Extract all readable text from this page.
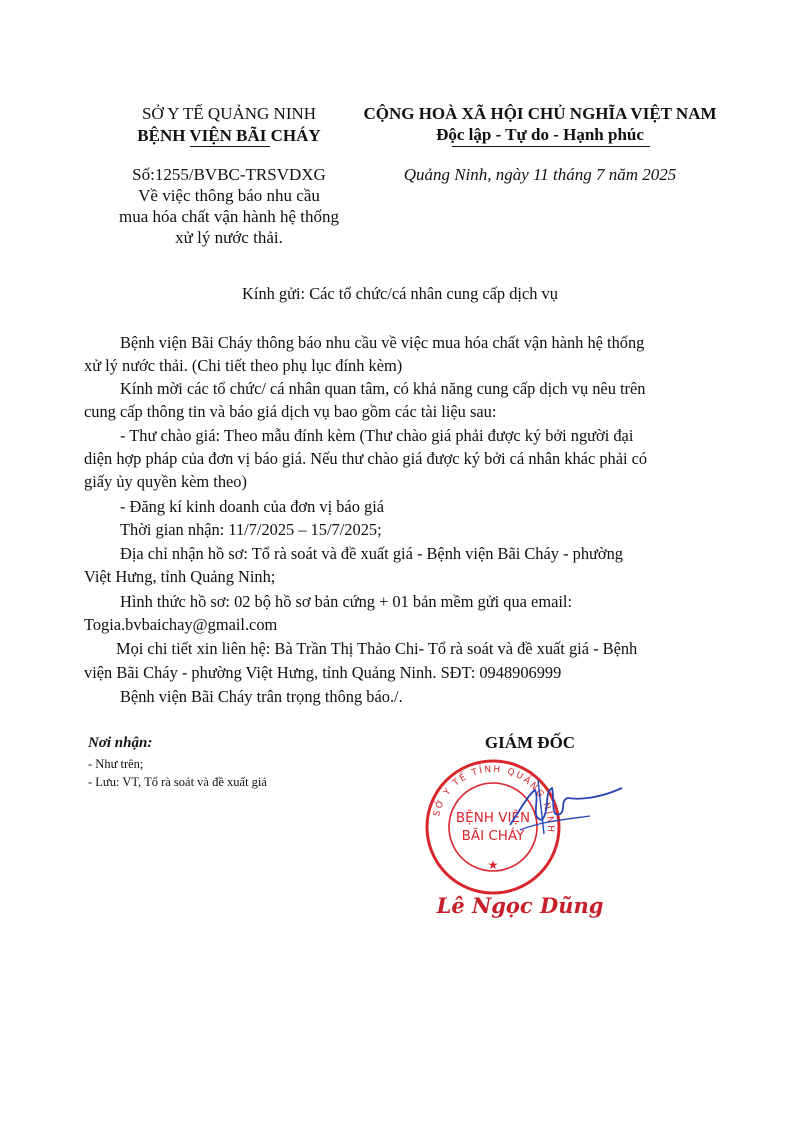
SỞ Y TẾ QUẢNG NINH
BỆNH VIỆN BÃI CHÁY
Số:1255/BVBC-TRSVDXG
Về việc thông báo nhu cầu
mua hóa chất vận hành hệ thống
xử lý nước thải.
CỘNG HOÀ XÃ HỘI CHỦ NGHĨA VIỆT NAM
Độc lập - Tự do - Hạnh phúc
Quảng Ninh, ngày 11 tháng 7 năm 2025
Kính gửi: Các tổ chức/cá nhân cung cấp dịch vụ
Bệnh viện Bãi Cháy thông báo nhu cầu về việc mua hóa chất vận hành hệ thống
xử lý nước thải. (Chi tiết theo phụ lục đính kèm)
Kính mời các tổ chức/ cá nhân quan tâm, có khả năng cung cấp dịch vụ nêu trên
cung cấp thông tin và báo giá dịch vụ bao gồm các tài liệu sau:
- Thư chào giá: Theo mẫu đính kèm (Thư chào giá phải được ký bởi người đại
diện hợp pháp của đơn vị báo giá. Nếu thư chào giá được ký bởi cá nhân khác phải có
giấy ủy quyền kèm theo)
- Đăng kí kinh doanh của đơn vị báo giá
Thời gian nhận: 11/7/2025 – 15/7/2025;
Địa chỉ nhận hồ sơ: Tổ rà soát và đề xuất giá - Bệnh viện Bãi Cháy - phường
Việt Hưng, tỉnh Quảng Ninh;
Hình thức hồ sơ: 02 bộ hồ sơ bản cứng + 01 bản mềm gửi qua email:
Togia.bvbaichay@gmail.com
Mọi chi tiết xin liên hệ: Bà Trần Thị Thảo Chi- Tổ rà soát và đề xuất giá - Bệnh
viện Bãi Cháy - phường Việt Hưng, tỉnh Quảng Ninh. SĐT: 0948906999
Bệnh viện Bãi Cháy trân trọng thông báo./.
Nơi nhận:
- Như trên;
- Lưu: VT, Tổ rà soát và đề xuất giá
GIÁM ĐỐC
SỞ Y TẾ TỈNH QUẢNG NINH
BỆNH VIỆN
BÃI CHÁY
★
Lê Ngọc Dũng
